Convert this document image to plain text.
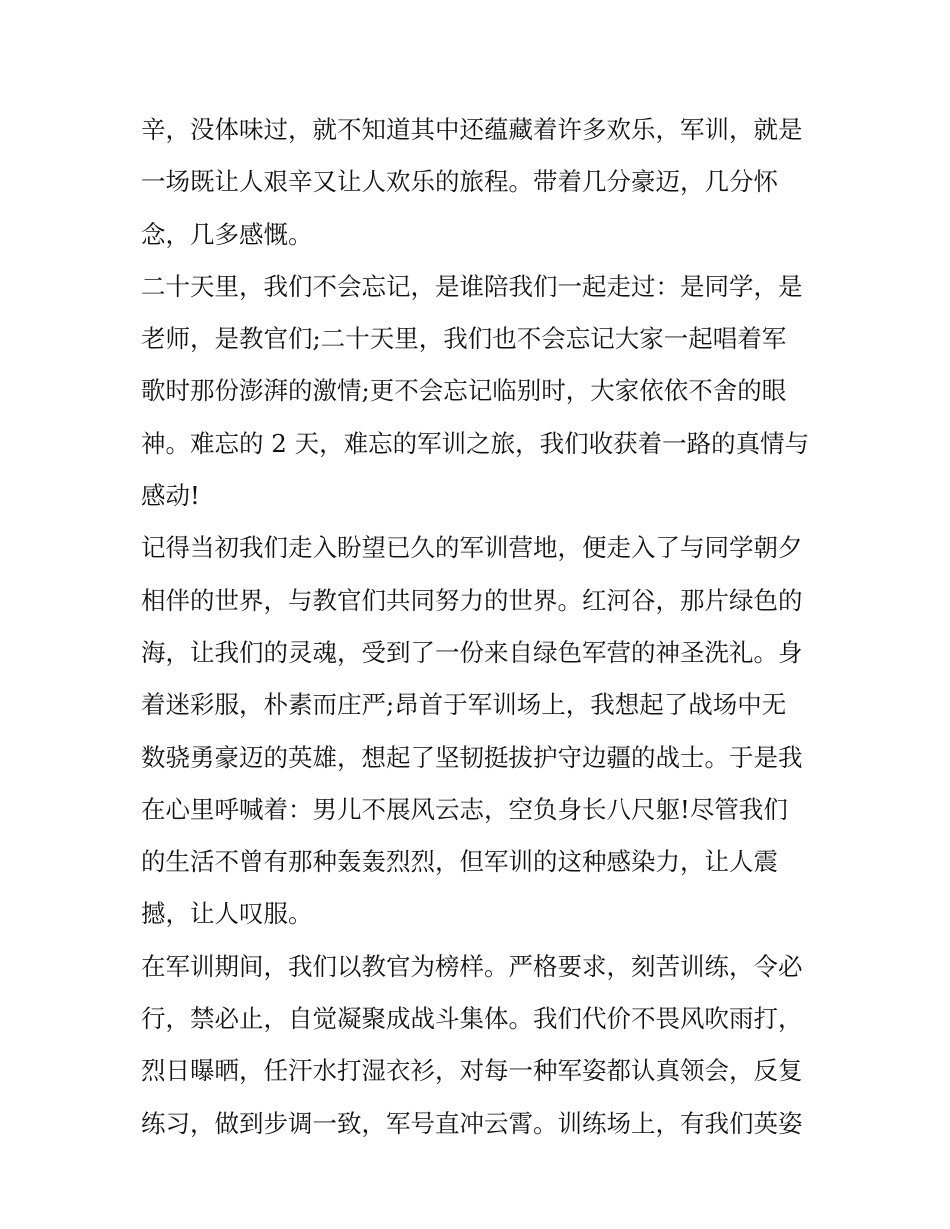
辛，没体味过，就不知道其中还蕴藏着许多欢乐，军训，就是
一场既让人艰辛又让人欢乐的旅程。带着几分豪迈，几分怀
念，几多感慨。
二十天里，我们不会忘记，是谁陪我们一起走过：是同学，是
老师，是教官们;二十天里，我们也不会忘记大家一起唱着军
歌时那份澎湃的激情;更不会忘记临别时，大家依依不舍的眼
神。难忘的 2 天，难忘的军训之旅，我们收获着一路的真情与
感动!
记得当初我们走入盼望已久的军训营地，便走入了与同学朝夕
相伴的世界，与教官们共同努力的世界。红河谷，那片绿色的
海，让我们的灵魂，受到了一份来自绿色军营的神圣洗礼。身
着迷彩服，朴素而庄严;昂首于军训场上，我想起了战场中无
数骁勇豪迈的英雄，想起了坚韧挺拔护守边疆的战士。于是我
在心里呼喊着：男儿不展风云志，空负身长八尺躯!尽管我们
的生活不曾有那种轰轰烈烈，但军训的这种感染力，让人震
撼，让人叹服。
在军训期间，我们以教官为榜样。严格要求，刻苦训练，令必
行，禁必止，自觉凝聚成战斗集体。我们代价不畏风吹雨打，
烈日曝晒，任汗水打湿衣衫，对每一种军姿都认真领会，反复
练习，做到步调一致，军号直冲云霄。训练场上，有我们英姿
